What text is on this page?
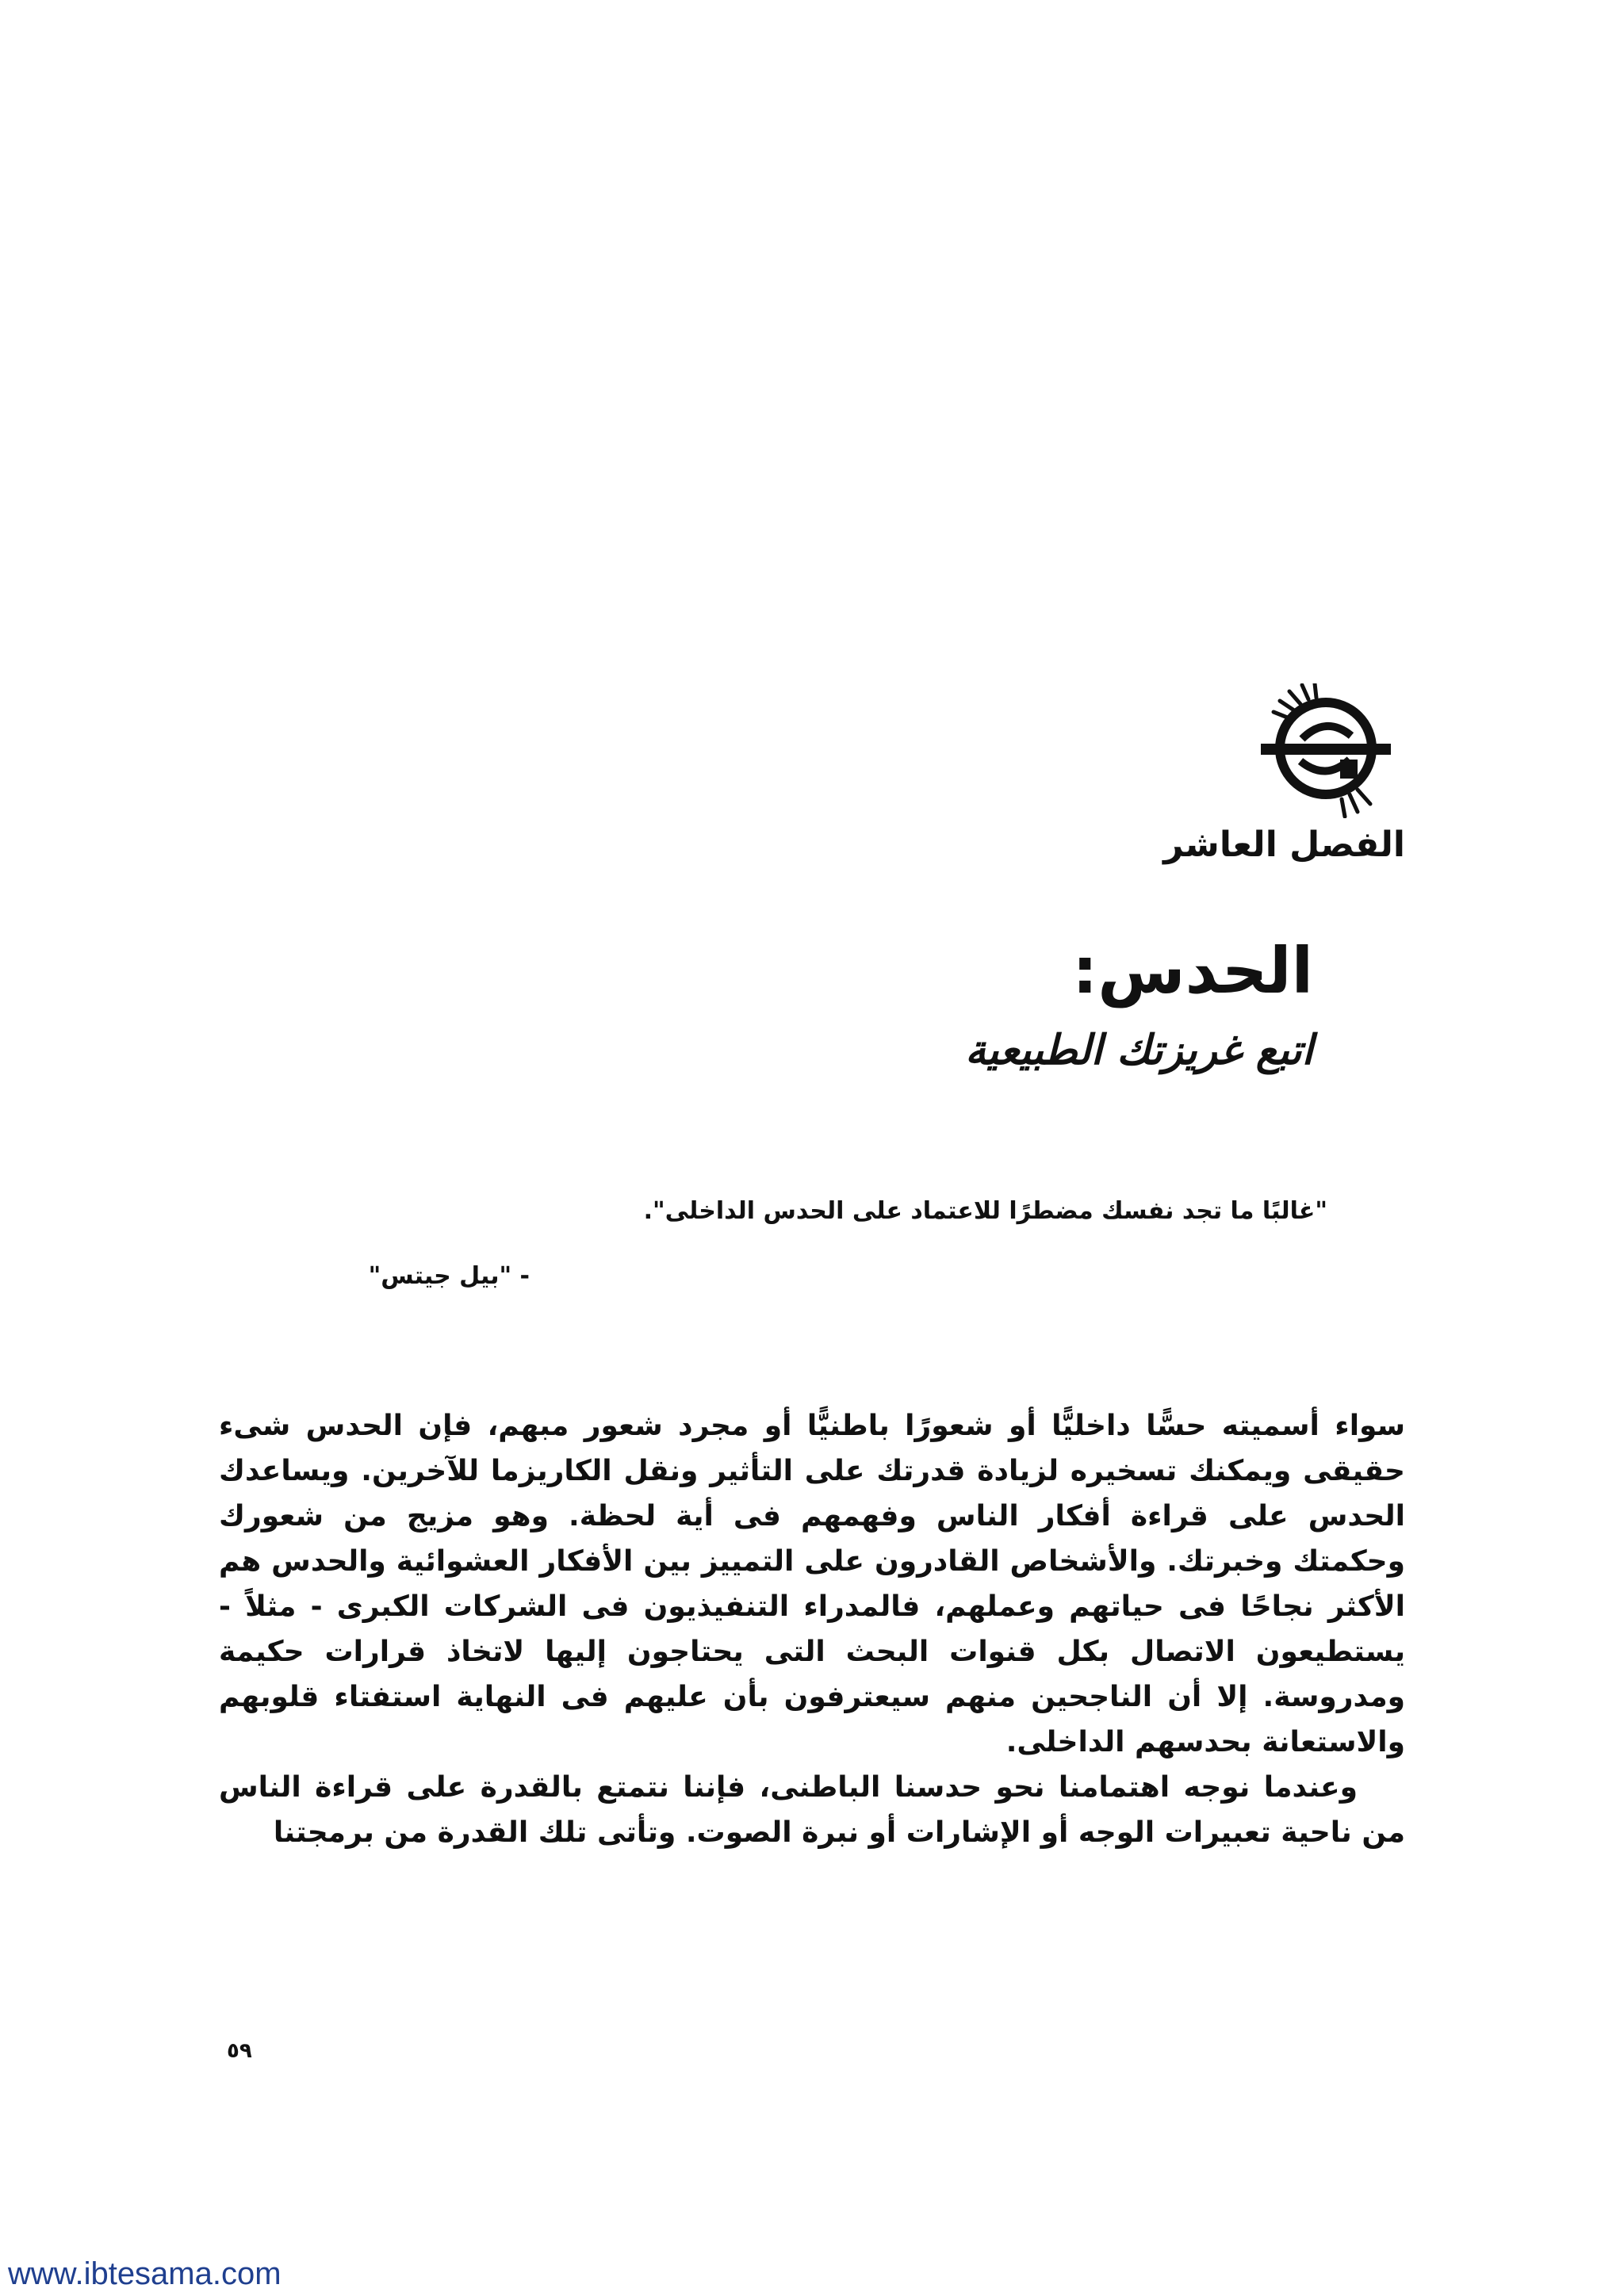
الفصل العاشر
الحدس:
اتبع غريزتك الطبيعية
"غالبًا ما تجد نفسك مضطرًا للاعتماد على الحدس الداخلى".
- "بيل جيتس"

سواء أسميته حسًّا داخليًّا أو شعورًا باطنيًّا أو مجرد شعور مبهم، فإن الحدس شىء حقيقى ويمكنك تسخيره لزيادة قدرتك على التأثير ونقل الكاريزما للآخرين. ويساعدك الحدس على قراءة أفكار الناس وفهمهم فى أية لحظة. وهو مزيج من شعورك وحكمتك وخبرتك. والأشخاص القادرون على التمييز بين الأفكار العشوائية والحدس هم الأكثر نجاحًا فى حياتهم وعملهم، فالمدراء التنفيذيون فى الشركات الكبرى - مثلاً - يستطيعون الاتصال بكل قنوات البحث التى يحتاجون إليها لاتخاذ قرارات حكيمة ومدروسة. إلا أن الناجحين منهم سيعترفون بأن عليهم فى النهاية استفتاء قلوبهم والاستعانة بحدسهم الداخلى.

وعندما نوجه اهتمامنا نحو حدسنا الباطنى، فإننا نتمتع بالقدرة على قراءة الناس من ناحية تعبيرات الوجه أو الإشارات أو نبرة الصوت. وتأتى تلك القدرة من برمجتنا

٥٩
www.ibtesama.com
